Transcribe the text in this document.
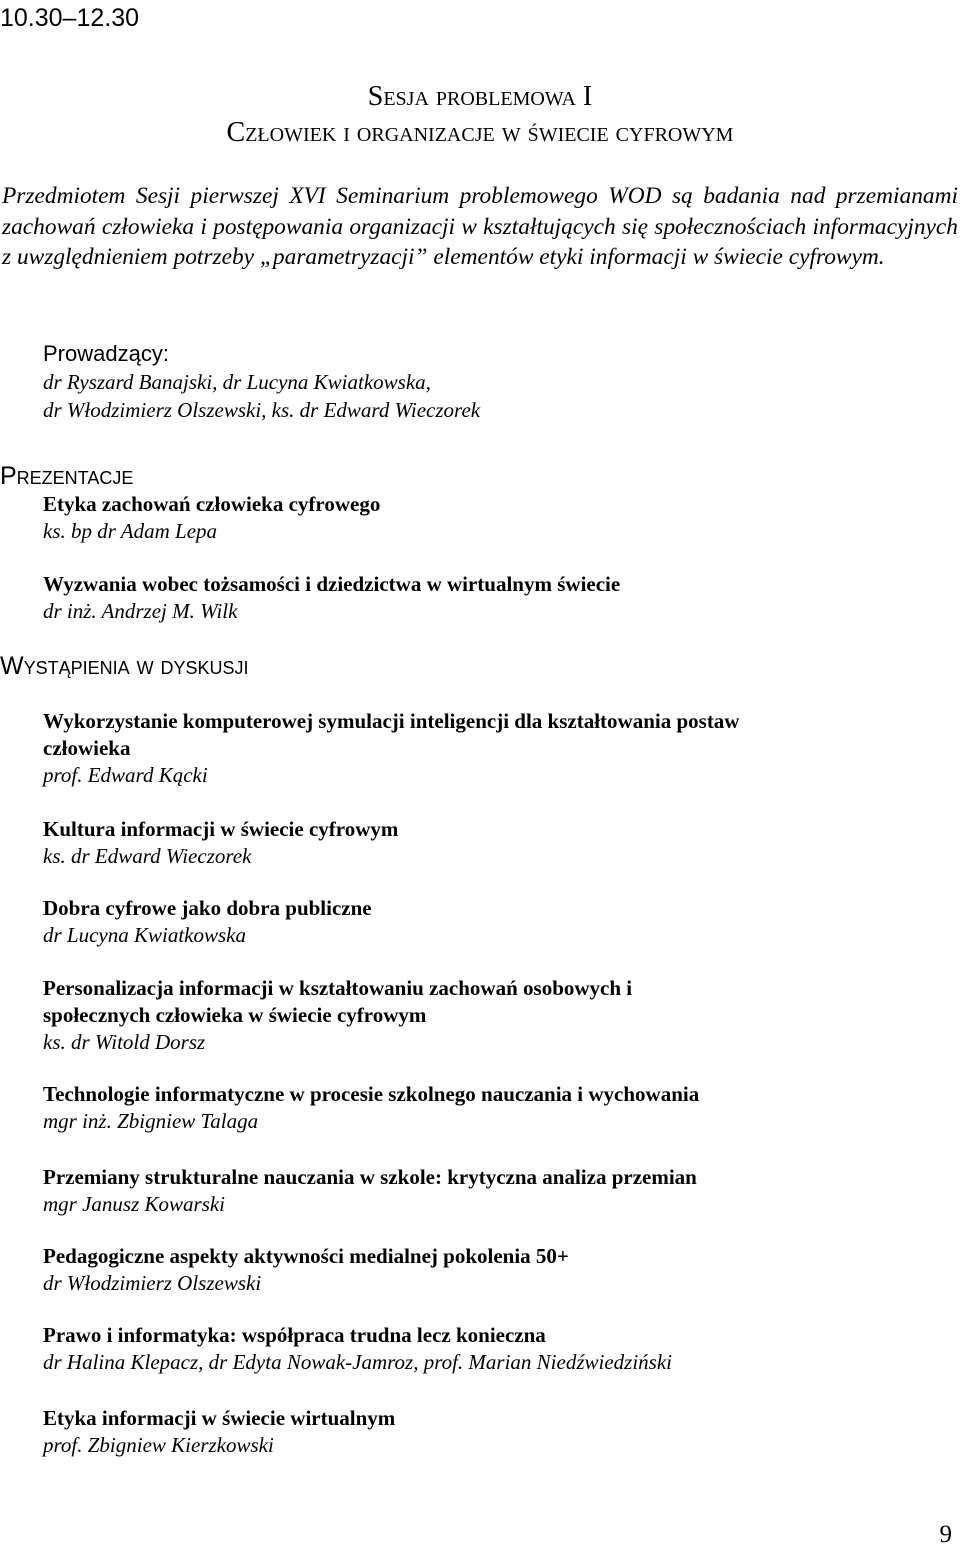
10.30–12.30
Sesja problemowa I
Człowiek i organizacje w świecie cyfrowym

Przedmiotem Sesji pierwszej XVI Seminarium problemowego WOD są badania nad przemianami zachowań człowieka i postępowania organizacji w kształtujących się społecznościach informacyjnych z uwzględnieniem potrzeby „parametryzacji” elementów etyki informacji w świecie cyfrowym.

Prowadzący:
dr Ryszard Banajski, dr Lucyna Kwiatkowska,
dr Włodzimierz Olszewski, ks. dr Edward Wieczorek
Prezentacje
Etyka zachowań człowieka cyfrowego
ks. bp dr Adam Lepa
Wyzwania wobec tożsamości i dziedzictwa w wirtualnym świecie
dr inż. Andrzej M. Wilk
Wystąpienia w dyskusji
Wykorzystanie komputerowej symulacji inteligencji dla kształtowania postaw człowieka
prof. Edward Kącki
Kultura informacji w świecie cyfrowym
ks. dr Edward Wieczorek
Dobra cyfrowe jako dobra publiczne
dr Lucyna Kwiatkowska
Personalizacja informacji w kształtowaniu zachowań osobowych i społecznych człowieka w świecie cyfrowym
ks. dr Witold Dorsz
Technologie informatyczne w procesie szkolnego nauczania i wychowania
mgr inż. Zbigniew Talaga
Przemiany strukturalne nauczania w szkole: krytyczna analiza przemian
mgr Janusz Kowarski
Pedagogiczne aspekty aktywności medialnej pokolenia 50+
dr Włodzimierz Olszewski
Prawo i informatyka: współpraca trudna lecz konieczna
dr Halina Klepacz, dr Edyta Nowak-Jamroz, prof. Marian Niedźwiedziński
Etyka informacji w świecie wirtualnym
prof. Zbigniew Kierzkowski
9
